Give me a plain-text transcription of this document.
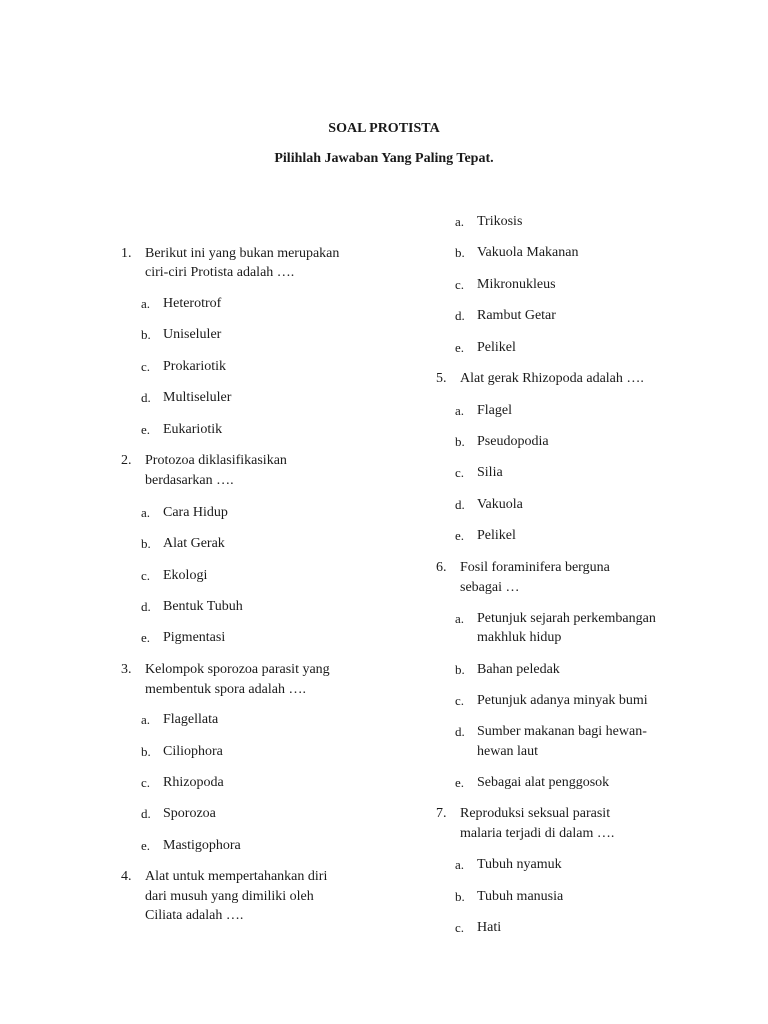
SOAL PROTISTA
Pilihlah Jawaban Yang Paling Tepat.
1. Berikut ini yang bukan merupakan
ciri-ciri Protista adalah ….
a. Heterotrof
b. Uniseluler
c. Prokariotik
d. Multiseluler
e. Eukariotik
2. Protozoa diklasifikasikan
berdasarkan ….
a. Cara Hidup
b. Alat Gerak
c. Ekologi
d. Bentuk Tubuh
e. Pigmentasi
3. Kelompok sporozoa parasit yang
membentuk spora adalah ….
a. Flagellata
b. Ciliophora
c. Rhizopoda
d. Sporozoa
e. Mastigophora
4. Alat untuk mempertahankan diri
dari musuh yang dimiliki oleh
Ciliata adalah ….
a. Trikosis
b. Vakuola Makanan
c. Mikronukleus
d. Rambut Getar
e. Pelikel
5. Alat gerak Rhizopoda adalah ….
a. Flagel
b. Pseudopodia
c. Silia
d. Vakuola
e. Pelikel
6. Fosil foraminifera berguna
sebagai …
a. Petunjuk sejarah perkembangan
makhluk hidup
b. Bahan peledak
c. Petunjuk adanya minyak bumi
d. Sumber makanan bagi hewan-
hewan laut
e. Sebagai alat penggosok
7. Reproduksi seksual parasit
malaria terjadi di dalam ….
a. Tubuh nyamuk
b. Tubuh manusia
c. Hati
